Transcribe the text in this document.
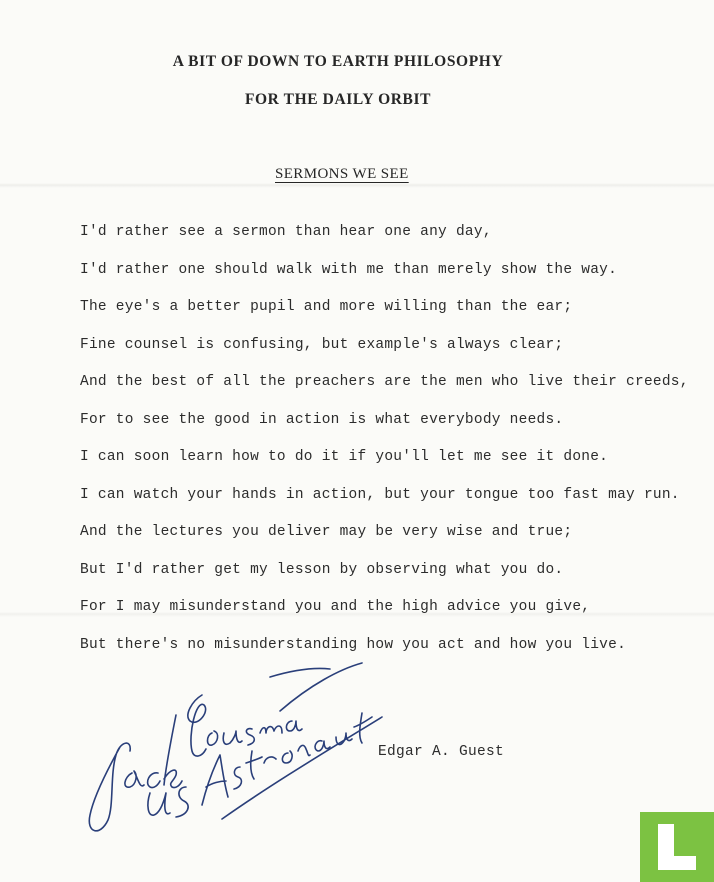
A BIT OF DOWN TO EARTH PHILOSOPHY
FOR THE DAILY ORBIT
SERMONS WE SEE
I'd rather see a sermon than hear one any day,
I'd rather one should walk with me than merely show the way.
The eye's a better pupil and more willing than the ear;
Fine counsel is confusing, but example's always clear;
And the best of all the preachers are the men who live their creeds,
For to see the good in action is what everybody needs.
I can soon learn how to do it if you'll let me see it done.
I can watch your hands in action, but your tongue too fast may run.
And the lectures you deliver may be very wise and true;
But I'd rather get my lesson by observing what you do.
For I may misunderstand you and the high advice you give,
But there's no misunderstanding how you act and how you live.
Edgar A. Guest
